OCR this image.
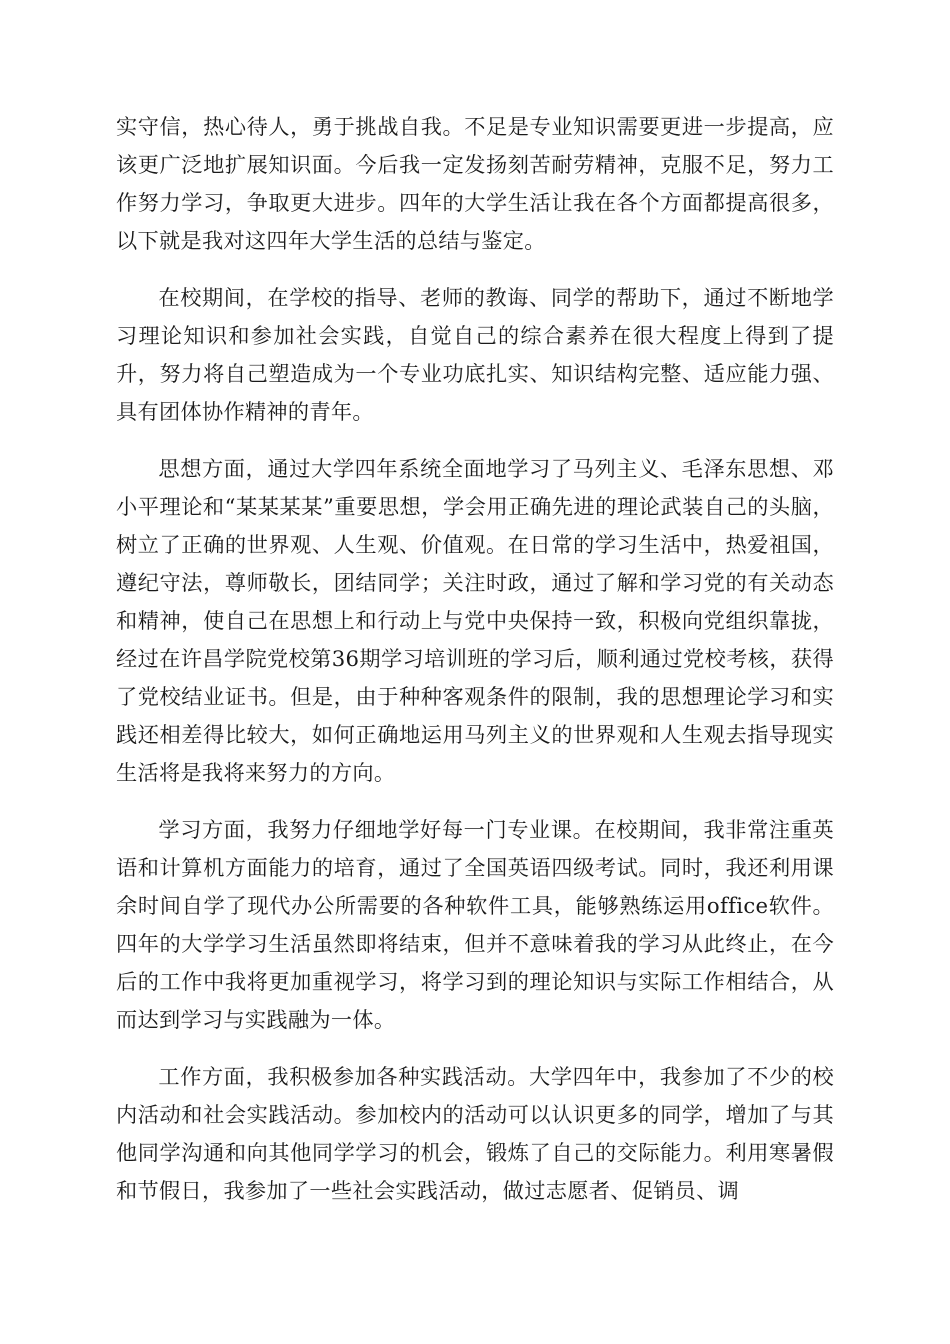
实守信，热心待人，勇于挑战自我。不足是专业知识需要更进一步提高，应该更广泛地扩展知识面。今后我一定发扬刻苦耐劳精神，克服不足，努力工作努力学习，争取更大进步。四年的大学生活让我在各个方面都提高很多，以下就是我对这四年大学生活的总结与鉴定。

在校期间，在学校的指导、老师的教诲、同学的帮助下，通过不断地学习理论知识和参加社会实践，自觉自己的综合素养在很大程度上得到了提升，努力将自己塑造成为一个专业功底扎实、知识结构完整、适应能力强、具有团体协作精神的青年。

思想方面，通过大学四年系统全面地学习了马列主义、毛泽东思想、邓小平理论和“某某某某”重要思想，学会用正确先进的理论武装自己的头脑，树立了正确的世界观、人生观、价值观。在日常的学习生活中，热爱祖国，遵纪守法，尊师敬长，团结同学；关注时政，通过了解和学习党的有关动态和精神，使自己在思想上和行动上与党中央保持一致，积极向党组织靠拢，经过在许昌学院党校第36期学习培训班的学习后，顺利通过党校考核，获得了党校结业证书。但是，由于种种客观条件的限制，我的思想理论学习和实践还相差得比较大，如何正确地运用马列主义的世界观和人生观去指导现实生活将是我将来努力的方向。

学习方面，我努力仔细地学好每一门专业课。在校期间，我非常注重英语和计算机方面能力的培育，通过了全国英语四级考试。同时，我还利用课余时间自学了现代办公所需要的各种软件工具，能够熟练运用office软件。四年的大学学习生活虽然即将结束，但并不意味着我的学习从此终止，在今后的工作中我将更加重视学习，将学习到的理论知识与实际工作相结合，从而达到学习与实践融为一体。

工作方面，我积极参加各种实践活动。大学四年中，我参加了不少的校内活动和社会实践活动。参加校内的活动可以认识更多的同学，增加了与其他同学沟通和向其他同学学习的机会，锻炼了自己的交际能力。利用寒暑假和节假日，我参加了一些社会实践活动，做过志愿者、促销员、调
